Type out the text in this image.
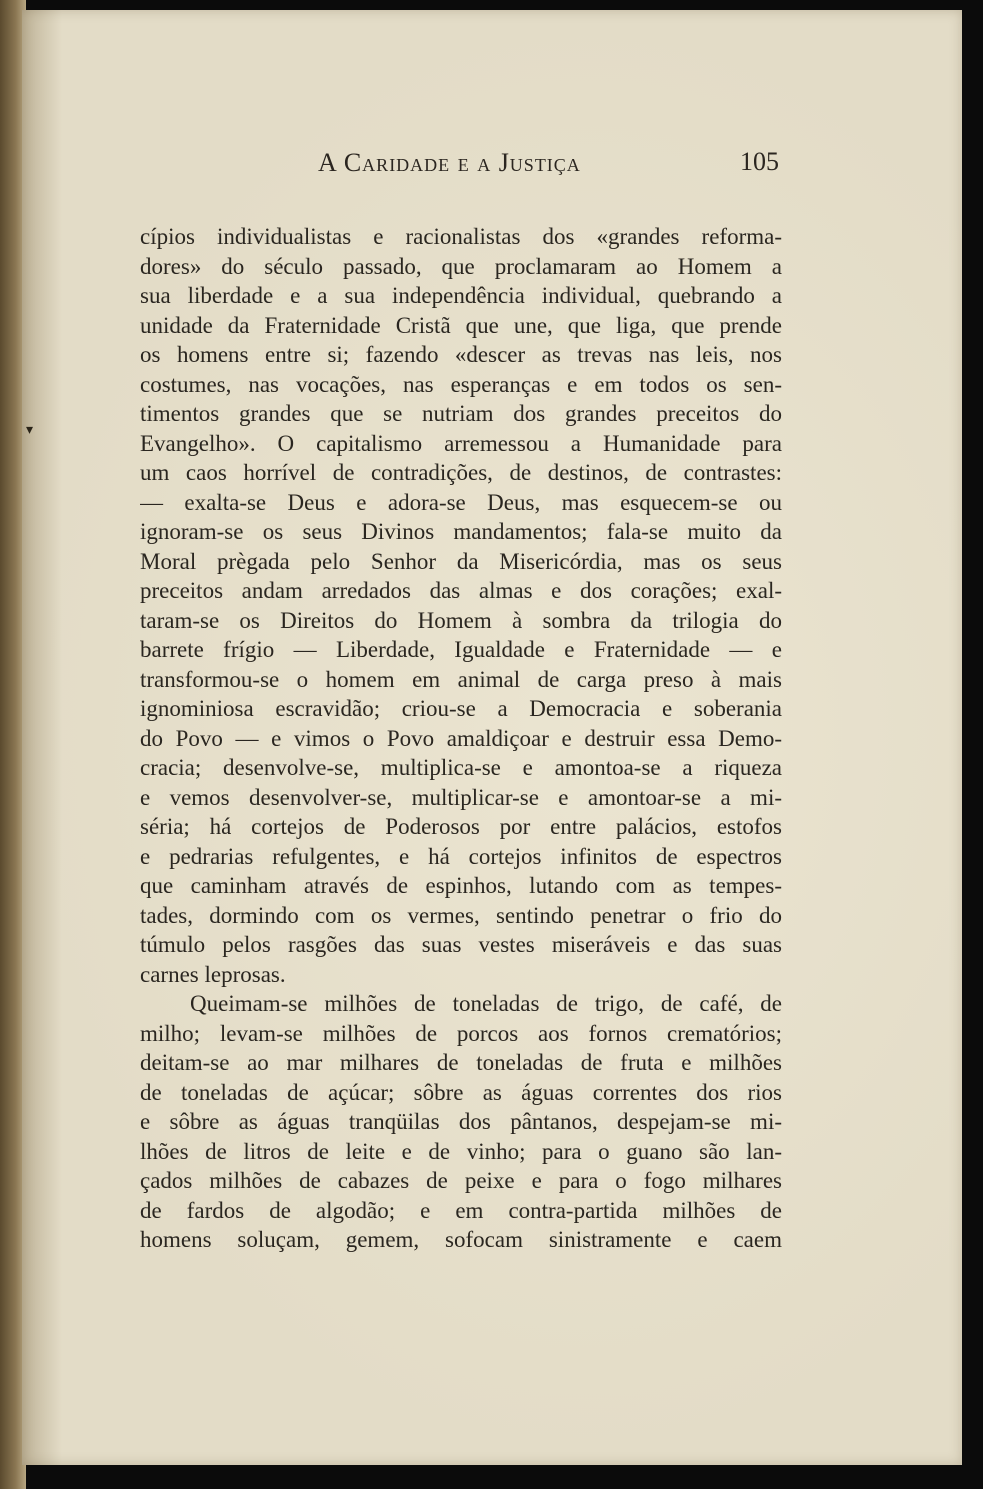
▾
A Caridade e a Justiça	105
cípios individualistas e racionalistas dos «grandes reforma-
dores» do século passado, que proclamaram ao Homem a
sua liberdade e a sua independência individual, quebrando a
unidade da Fraternidade Cristã que une, que liga, que prende
os homens entre si; fazendo «descer as trevas nas leis, nos
costumes, nas vocações, nas esperanças e em todos os sen-
timentos grandes que se nutriam dos grandes preceitos do
Evangelho». O capitalismo arremessou a Humanidade para
um caos horrível de contradições, de destinos, de contrastes:
— exalta-se Deus e adora-se Deus, mas esquecem-se ou
ignoram-se os seus Divinos mandamentos; fala-se muito da
Moral prègada pelo Senhor da Misericórdia, mas os seus
preceitos andam arredados das almas e dos corações; exal-
taram-se os Direitos do Homem à sombra da trilogia do
barrete frígio — Liberdade, Igualdade e Fraternidade — e
transformou-se o homem em animal de carga preso à mais
ignominiosa escravidão; criou-se a Democracia e soberania
do Povo — e vimos o Povo amaldiçoar e destruir essa Demo-
cracia; desenvolve-se, multiplica-se e amontoa-se a riqueza
e vemos desenvolver-se, multiplicar-se e amontoar-se a mi-
séria; há cortejos de Poderosos por entre palácios, estofos
e pedrarias refulgentes, e há cortejos infinitos de espectros
que caminham através de espinhos, lutando com as tempes-
tades, dormindo com os vermes, sentindo penetrar o frio do
túmulo pelos rasgões das suas vestes miseráveis e das suas
carnes leprosas.
Queimam-se milhões de toneladas de trigo, de café, de
milho; levam-se milhões de porcos aos fornos crematórios;
deitam-se ao mar milhares de toneladas de fruta e milhões
de toneladas de açúcar; sôbre as águas correntes dos rios
e sôbre as águas tranqüilas dos pântanos, despejam-se mi-
lhões de litros de leite e de vinho; para o guano são lan-
çados milhões de cabazes de peixe e para o fogo milhares
de fardos de algodão; e em contra-partida milhões de
homens soluçam, gemem, sofocam sinistramente e caem
